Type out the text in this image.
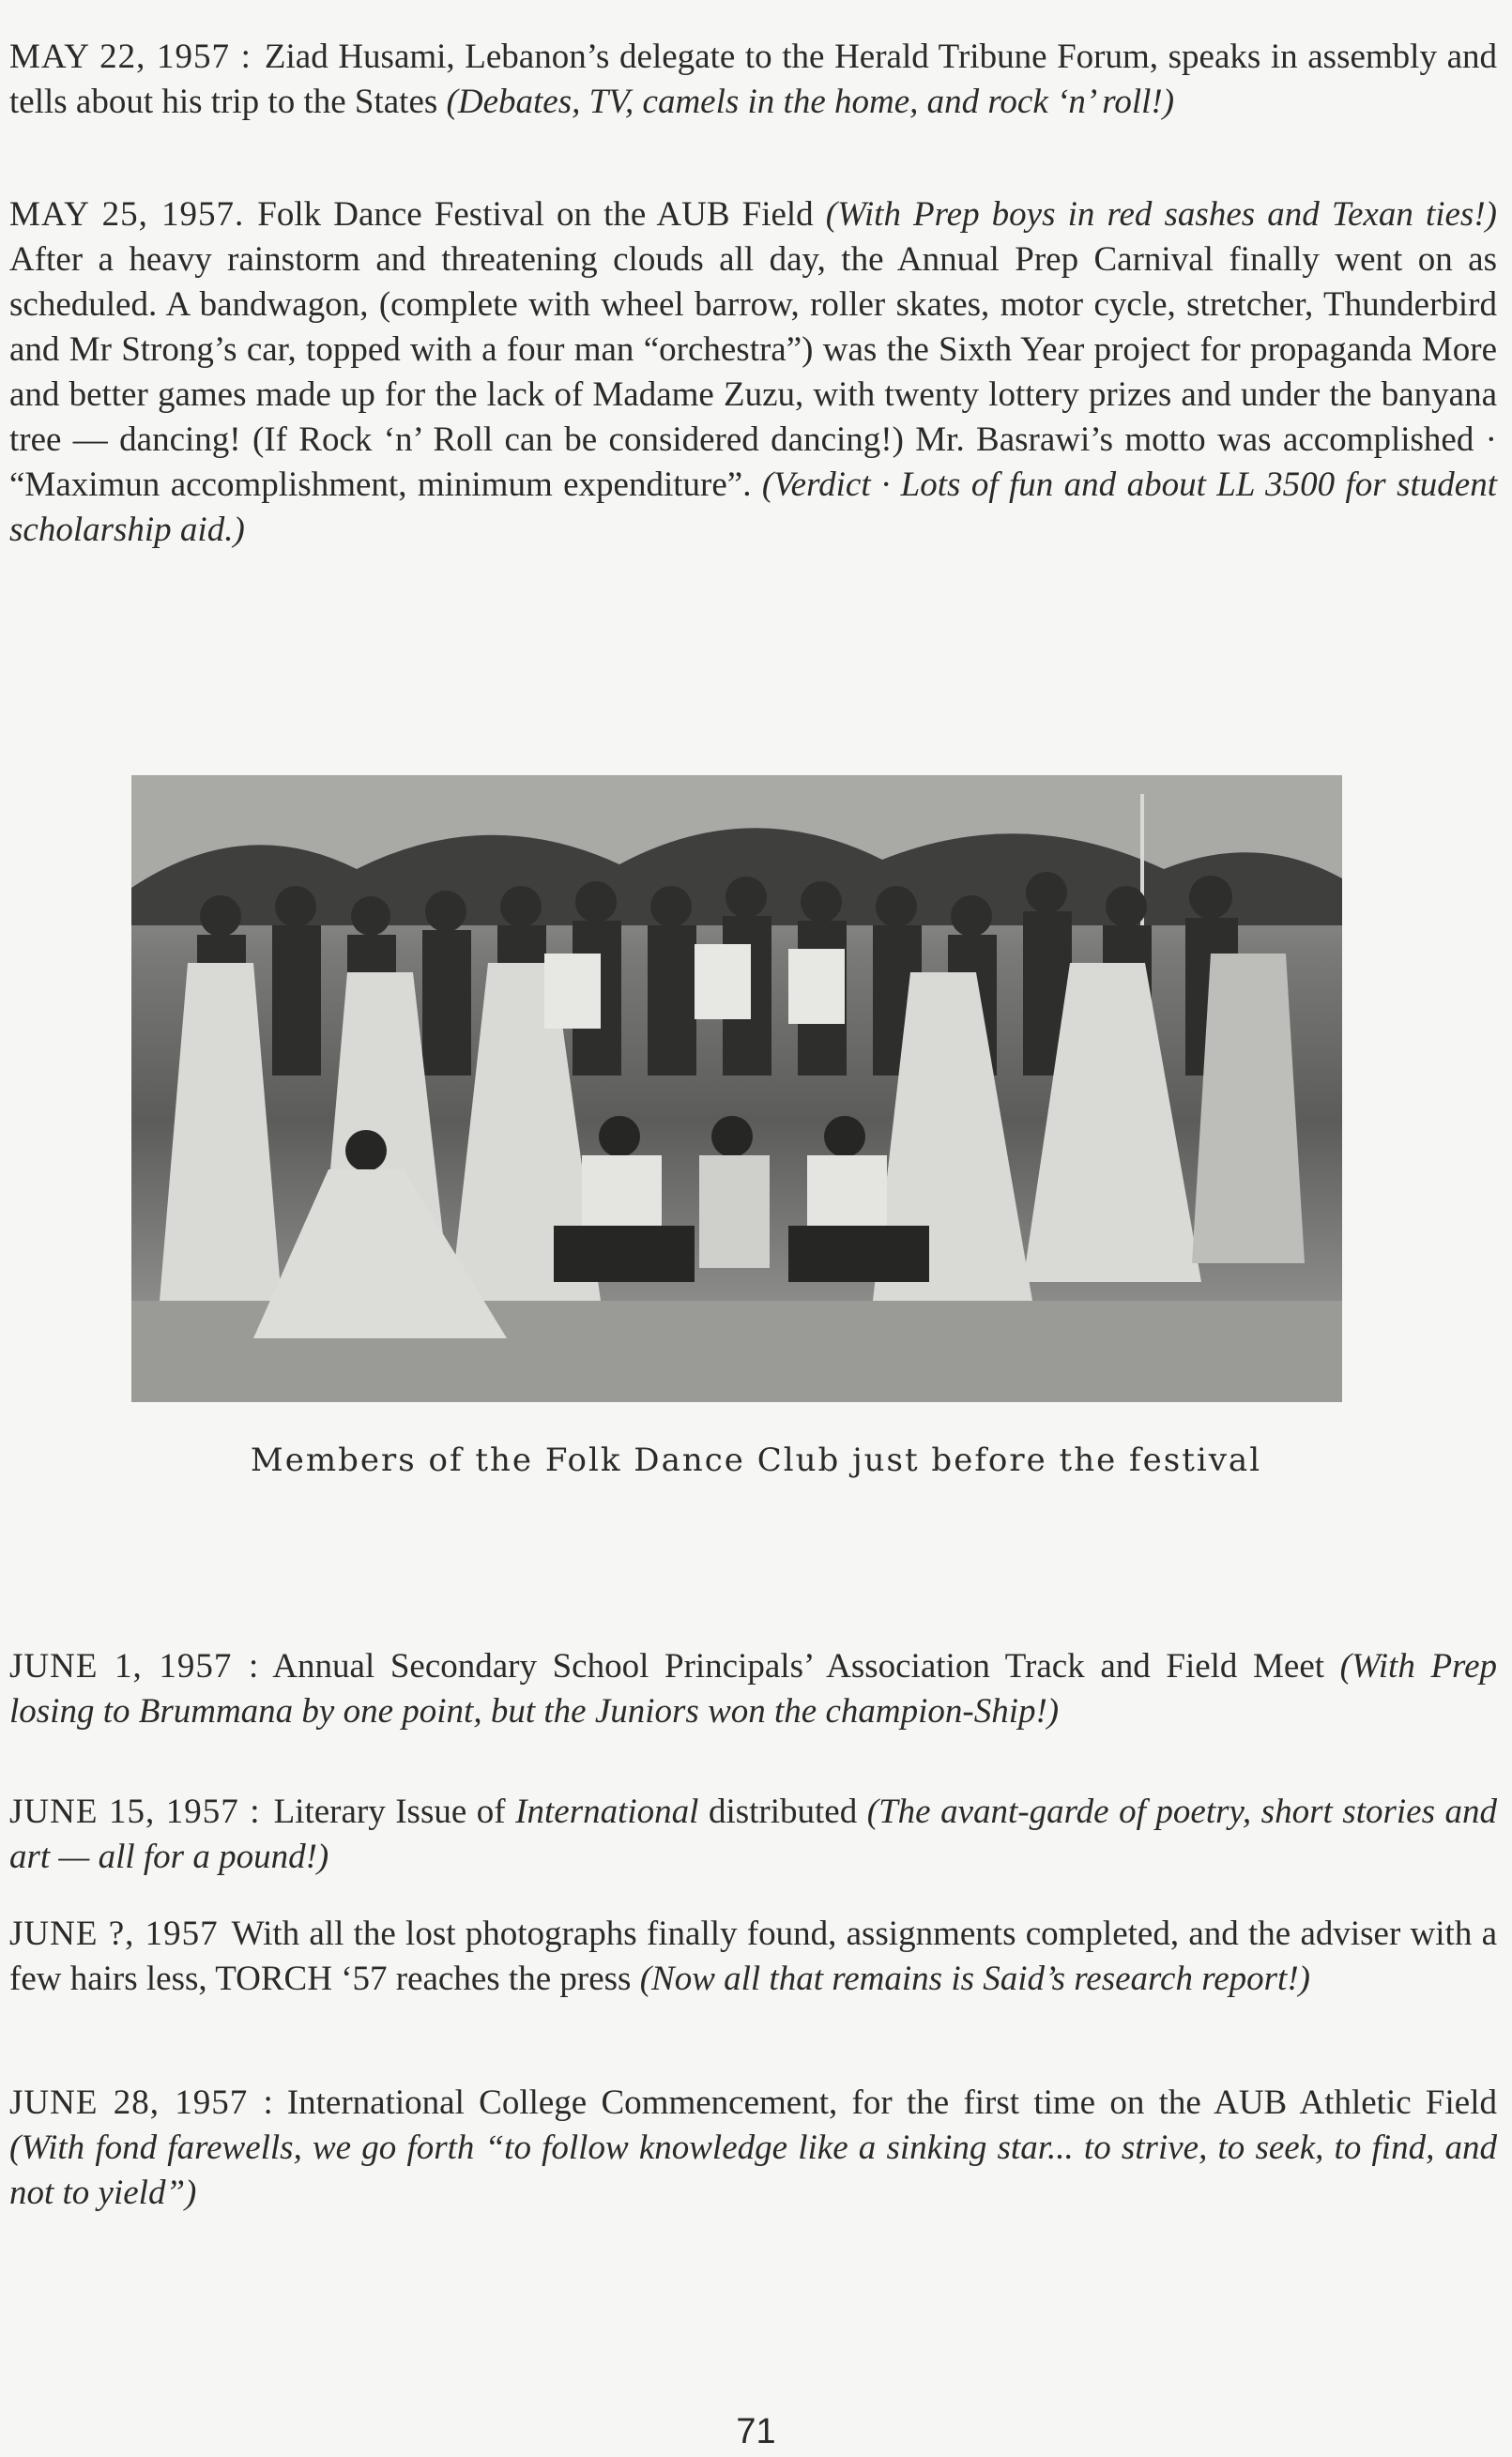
MAY 22, 1957 : Ziad Husami, Lebanon’s delegate to the Herald Tribune Forum, speaks in assembly and tells about his trip to the States (Debates, TV, camels in the home, and rock ‘n’ roll!)

MAY 25, 1957. Folk Dance Festival on the AUB Field (With Prep boys in red sashes and Texan ties!) After a heavy rainstorm and threatening clouds all day, the Annual Prep Carnival finally went on as scheduled. A bandwagon, (complete with wheel barrow, roller skates, motor cycle, stretcher, Thunderbird and Mr Strong’s car, topped with a four man “orchestra”) was the Sixth Year project for propaganda More and better games made up for the lack of Madame Zuzu, with twenty lottery prizes and under the banyana tree — dancing! (If Rock ‘n’ Roll can be considered dancing!) Mr. Basrawi’s motto was accomplished · “Maximun accomplishment, minimum expenditure”. (Verdict · Lots of fun and about LL 3500 for student scholarship aid.)

Members of the Folk Dance Club just before the festival

JUNE 1, 1957 : Annual Secondary School Principals’ Association Track and Field Meet (With Prep losing to Brummana by one point, but the Juniors won the champion-Ship!)

JUNE 15, 1957 : Literary Issue of International distributed (The avant-garde of poetry, short stories and art — all for a pound!)

JUNE ?, 1957 With all the lost photographs finally found, assignments completed, and the adviser with a few hairs less, TORCH ‘57 reaches the press (Now all that remains is Said’s research report!)

JUNE 28, 1957 : International College Commencement, for the first time on the AUB Athletic Field (With fond farewells, we go forth “to follow knowledge like a sinking star... to strive, to seek, to find, and not to yield”)

71
